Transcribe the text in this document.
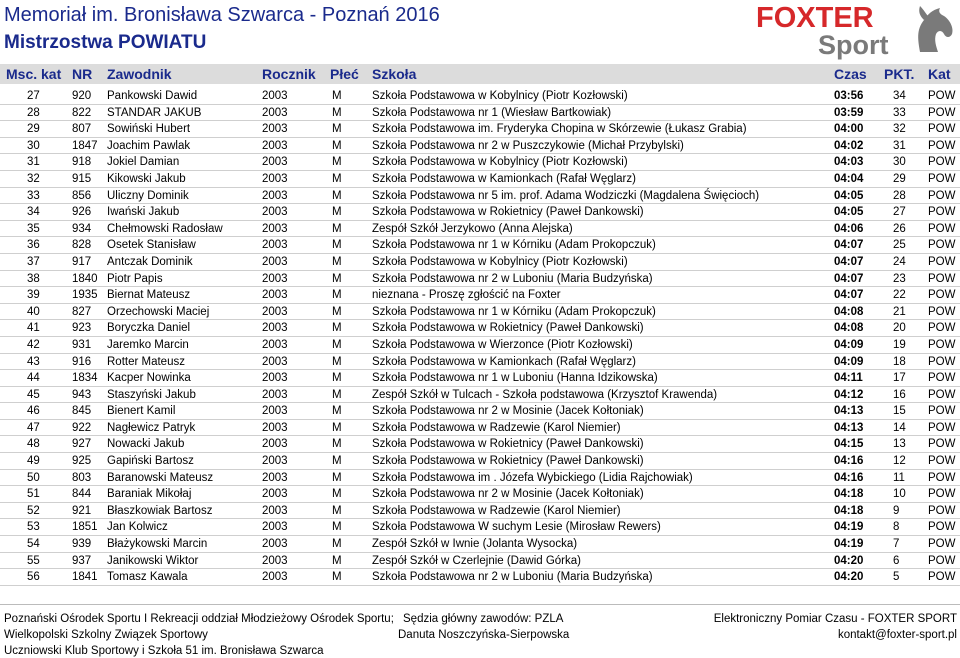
Memoriał im. Bronisława Szwarca - Poznań 2016
Mistrzostwa POWIATU
FOXTER
Sport
Msc. kat NR Zawodnik	Rocznik Płeć Szkoła	Czas PKT. Kat
27	920 Pankowski Dawid	2003	M	Szkoła Podstawowa w Kobylnicy (Piotr Kozłowski)	03:56	34 POW
28	822 STANDAR JAKUB	2003	M	Szkoła Podstawowa nr 1 (Wiesław Bartkowiak)	03:59	33 POW
29	807 Sowiński Hubert	2003	M	Szkoła Podstawowa im. Fryderyka Chopina w Skórzewie (Łukasz Grabia)	04:00	32 POW
30	1847 Joachim Pawlak	2003	M	Szkoła Podstawowa nr 2 w Puszczykowie (Michał Przybylski)	04:02	31 POW
31	918 Jokiel Damian	2003	M	Szkoła Podstawowa w Kobylnicy (Piotr Kozłowski)	04:03	30 POW
32	915 Kikowski Jakub	2003	M	Szkoła Podstawowa w Kamionkach (Rafał Węglarz)	04:04	29 POW
33	856 Uliczny Dominik	2003	M	Szkoła Podstawowa nr 5 im. prof. Adama Wodziczki (Magdalena Święcioch)	04:05	28 POW
34	926 Iwański Jakub	2003	M	Szkoła Podstawowa w Rokietnicy (Paweł Dankowski)	04:05	27 POW
35	934 Chełmowski Radosław	2003	M	Zespół Szkół Jerzykowo (Anna Alejska)	04:06	26 POW
36	828 Osetek Stanisław	2003	M	Szkoła Podstawowa nr 1 w Kórniku (Adam Prokopczuk)	04:07	25 POW
37	917 Antczak Dominik	2003	M	Szkoła Podstawowa w Kobylnicy (Piotr Kozłowski)	04:07	24 POW
38	1840 Piotr Papis	2003	M	Szkoła Podstawowa nr 2 w Luboniu (Maria Budzyńska)	04:07	23 POW
39	1935 Biernat Mateusz	2003	M	nieznana - Proszę zgłościć na Foxter	04:07	22 POW
40	827 Orzechowski Maciej	2003	M	Szkoła Podstawowa nr 1 w Kórniku (Adam Prokopczuk)	04:08	21 POW
41	923 Boryczka Daniel	2003	M	Szkoła Podstawowa w Rokietnicy (Paweł Dankowski)	04:08	20 POW
42	931 Jaremko Marcin	2003	M	Szkoła Podstawowa w Wierzonce (Piotr Kozłowski)	04:09	19 POW
43	916 Rotter Mateusz	2003	M	Szkoła Podstawowa w Kamionkach (Rafał Węglarz)	04:09	18 POW
44	1834 Kacper Nowinka	2003	M	Szkoła Podstawowa nr 1 w Luboniu (Hanna Idzikowska)	04:11	17 POW
45	943 Staszyński Jakub	2003	M	Zespół Szkół w Tulcach - Szkoła podstawowa (Krzysztof Krawenda)	04:12	16 POW
46	845 Bienert Kamil	2003	M	Szkoła Podstawowa nr 2 w Mosinie (Jacek Kołtoniak)	04:13	15 POW
47	922 Nagłewicz Patryk	2003	M	Szkoła Podstawowa w Radzewie (Karol Niemier)	04:13	14 POW
48	927 Nowacki Jakub	2003	M	Szkoła Podstawowa w Rokietnicy (Paweł Dankowski)	04:15	13 POW
49	925 Gapiński Bartosz	2003	M	Szkoła Podstawowa w Rokietnicy (Paweł Dankowski)	04:16	12 POW
50	803 Baranowski Mateusz	2003	M	Szkoła Podstawowa im . Józefa Wybickiego (Lidia Rajchowiak)	04:16	11 POW
51	844 Baraniak Mikołaj	2003	M	Szkoła Podstawowa nr 2 w Mosinie (Jacek Kołtoniak)	04:18	10 POW
52	921 Błaszkowiak Bartosz	2003	M	Szkoła Podstawowa w Radzewie (Karol Niemier)	04:18	9 POW
53	1851 Jan Kolwicz	2003	M	Szkoła Podstawowa W suchym Lesie (Mirosław Rewers)	04:19	8 POW
54	939 Błażykowski Marcin	2003	M	Zespół Szkół w Iwnie (Jolanta Wysocka)	04:19	7 POW
55	937 Janikowski Wiktor	2003	M	Zespół Szkół w Czerlejnie (Dawid Górka)	04:20	6 POW
56	1841 Tomasz Kawala	2003	M	Szkoła Podstawowa nr 2 w Luboniu (Maria Budzyńska)	04:20	5 POW
Poznański Ośrodek Sportu I Rekreacji oddział Młodzieżowy Ośrodek Sportu;
Wielkopolski Szkolny Związek Sportowy
Uczniowski Klub Sportowy i Szkoła 51 im. Bronisława Szwarca
Sędzia główny zawodów: PZLA
Danuta Noszczyńska-Sierpowska
Elektroniczny Pomiar Czasu - FOXTER SPORT
kontakt@foxter-sport.pl
